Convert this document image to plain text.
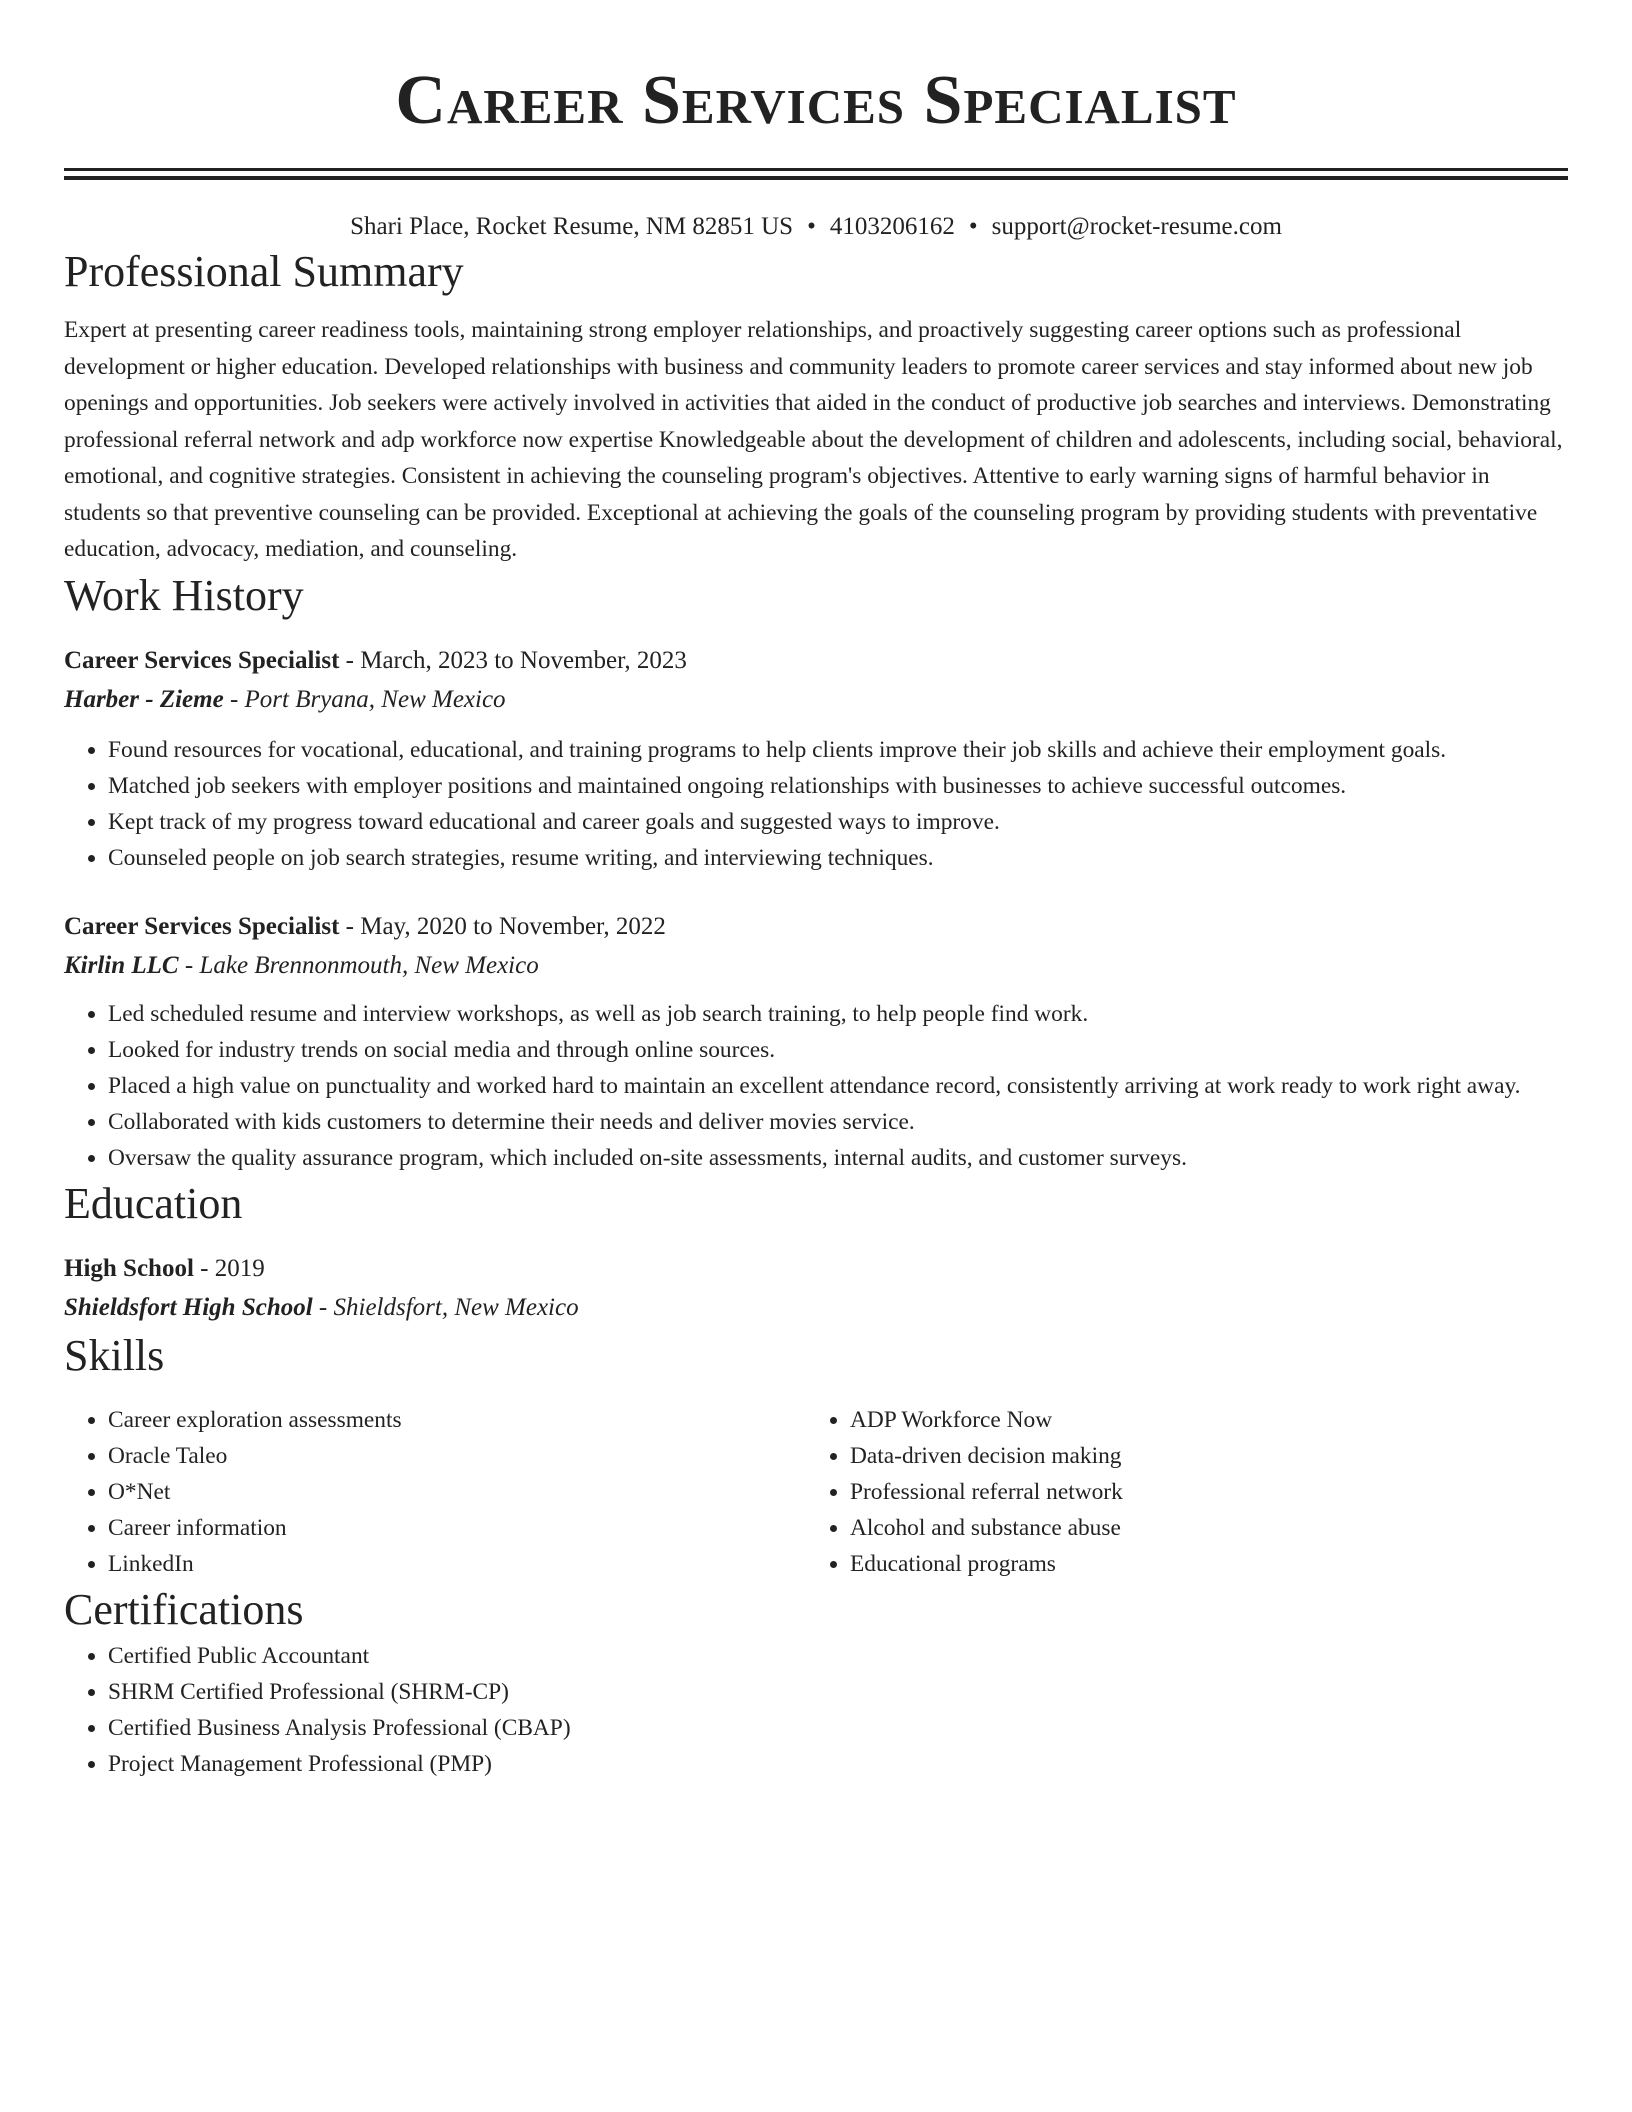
Career Services Specialist
Shari Place, Rocket Resume, NM 82851 US • 4103206162 • support@rocket-resume.com
Professional Summary
Expert at presenting career readiness tools, maintaining strong employer relationships, and proactively suggesting career options such as professional development or higher education. Developed relationships with business and community leaders to promote career services and stay informed about new job openings and opportunities. Job seekers were actively involved in activities that aided in the conduct of productive job searches and interviews. Demonstrating professional referral network and adp workforce now expertise Knowledgeable about the development of children and adolescents, including social, behavioral, emotional, and cognitive strategies. Consistent in achieving the counseling program's objectives. Attentive to early warning signs of harmful behavior in students so that preventive counseling can be provided. Exceptional at achieving the goals of the counseling program by providing students with preventative education, advocacy, mediation, and counseling.
Work History
Career Services Specialist - March, 2023 to November, 2023
Harber - Zieme - Port Bryana, New Mexico
• Found resources for vocational, educational, and training programs to help clients improve their job skills and achieve their employment goals.
• Matched job seekers with employer positions and maintained ongoing relationships with businesses to achieve successful outcomes.
• Kept track of my progress toward educational and career goals and suggested ways to improve.
• Counseled people on job search strategies, resume writing, and interviewing techniques.
Career Services Specialist - May, 2020 to November, 2022
Kirlin LLC - Lake Brennonmouth, New Mexico
• Led scheduled resume and interview workshops, as well as job search training, to help people find work.
• Looked for industry trends on social media and through online sources.
• Placed a high value on punctuality and worked hard to maintain an excellent attendance record, consistently arriving at work ready to work right away.
• Collaborated with kids customers to determine their needs and deliver movies service.
• Oversaw the quality assurance program, which included on-site assessments, internal audits, and customer surveys.
Education
High School - 2019
Shieldsfort High School - Shieldsfort, New Mexico
Skills
• Career exploration assessments
• Oracle Taleo
• O*Net
• Career information
• LinkedIn
• ADP Workforce Now
• Data-driven decision making
• Professional referral network
• Alcohol and substance abuse
• Educational programs
Certifications
• Certified Public Accountant
• SHRM Certified Professional (SHRM-CP)
• Certified Business Analysis Professional (CBAP)
• Project Management Professional (PMP)
